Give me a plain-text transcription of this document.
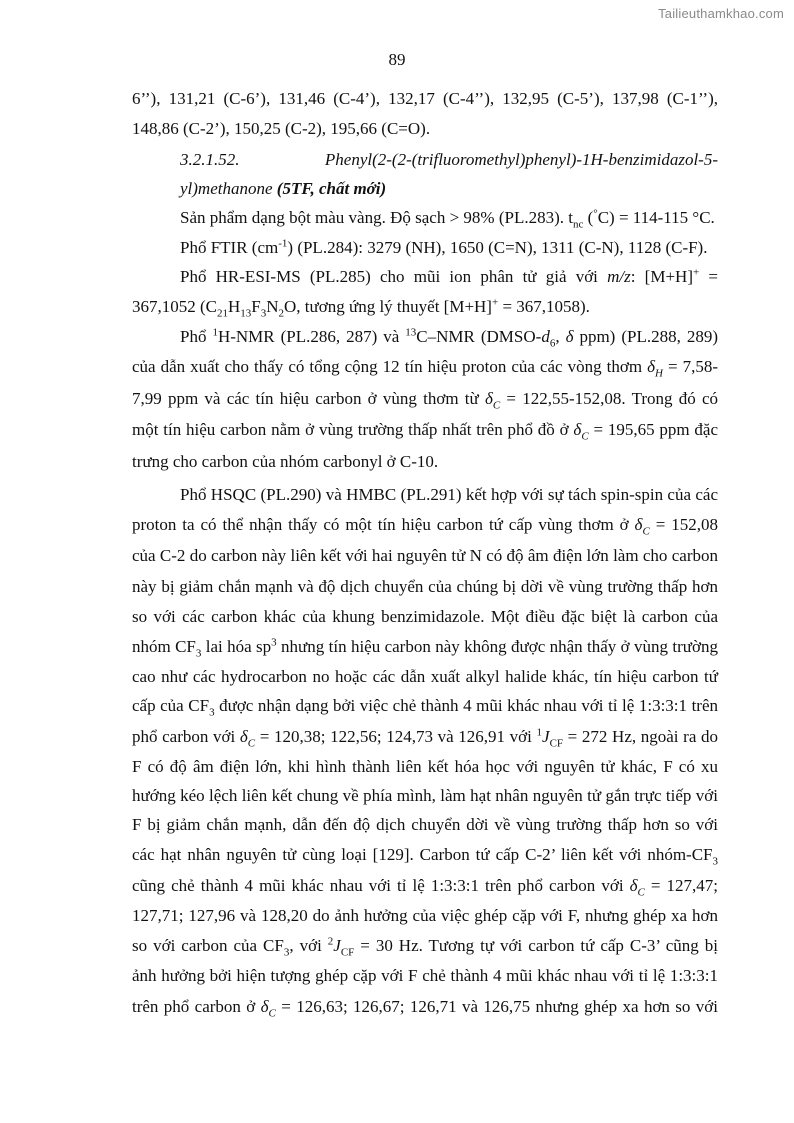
Tailieuthamkhao.com
89
6’’), 131,21 (C-6’), 131,46 (C-4’), 132,17 (C-4’’), 132,95 (C-5’), 137,98 (C-1’’),
148,86 (C-2’), 150,25 (C-2), 195,66 (C=O).
3.2.1.52.	Phenyl(2-(2-(trifluoromethyl)phenyl)-1H-benzimidazol-5-
yl)methanone (5TF, chất mới)
Sản phẩm dạng bột màu vàng. Độ sạch > 98% (PL.283). $t_{nc}$ (°C) = 114-115 °C.
Phổ FTIR $(cm^{-1})$ (PL.284): 3279 (NH), 1650 (C=N), 1311 (C-N), 1128 (C-F).
Phổ HR-ESI-MS (PL.285) cho mũi ion phân tử giả với m/z: [M+H]+ =
367,1052 ($C_{21}H_{13}F_3N_2O$, tương ứng lý thuyết [M+H]+ = 367,1058).
Phổ $^1$H-NMR (PL.286, 287) và $^{13}$C–NMR ($DMSO-d_6$, δ ppm) (PL.288, 289)
của dẫn xuất cho thấy có tổng cộng 12 tín hiệu proton của các vòng thơm $\delta_H = 7,58-$
7,99 ppm và các tín hiệu carbon ở vùng thơm từ $\delta_C = 122,55-152,08$. Trong đó có
một tín hiệu carbon nằm ở vùng trường thấp nhất trên phổ đồ ở $\delta_C = 195,65$ ppm đặc
trưng cho carbon của nhóm carbonyl ở C-10.
Phổ HSQC (PL.290) và HMBC (PL.291) kết hợp với sự tách spin-spin của các
proton ta có thể nhận thấy có một tín hiệu carbon tứ cấp vùng thơm ở $\delta_C = 152,08$
của C-2 do carbon này liên kết với hai nguyên tử N có độ âm điện lớn làm cho carbon
này bị giảm chắn mạnh và độ dịch chuyển của chúng bị dời về vùng trường thấp hơn
so với các carbon khác của khung benzimidazole. Một điều đặc biệt là carbon của
nhóm $CF_3$ lai hóa $sp^3$ nhưng tín hiệu carbon này không được nhận thấy ở vùng trường
cao như các hydrocarbon no hoặc các dẫn xuất alkyl halide khác, tín hiệu carbon tứ
cấp của $CF_3$ được nhận dạng bởi việc chẻ thành 4 mũi khác nhau với tỉ lệ 1:3:3:1 trên
phổ carbon với $\delta_C = 120,38$; 122,56; 124,73 và 126,91 với $^1J_{CF} = 272$ Hz, ngoài ra do
F có độ âm điện lớn, khi hình thành liên kết hóa học với nguyên tử khác, F có xu
hướng kéo lệch liên kết chung về phía mình, làm hạt nhân nguyên tử gắn trực tiếp với
F bị giảm chắn mạnh, dẫn đến độ dịch chuyển dời về vùng trường thấp hơn so với
các hạt nhân nguyên tử cùng loại [129]. Carbon tứ cấp C-2’ liên kết với nhóm-$CF_3$
cũng chẻ thành 4 mũi khác nhau với tỉ lệ 1:3:3:1 trên phổ carbon với $\delta_C = 127,47$;
127,71; 127,96 và 128,20 do ảnh hưởng của việc ghép cặp với F, nhưng ghép xa hơn
so với carbon của $CF_3$, với $^2J_{CF} = 30$ Hz. Tương tự với carbon tứ cấp C-3’ cũng bị
ảnh hưởng bởi hiện tượng ghép cặp với F chẻ thành 4 mũi khác nhau với tỉ lệ 1:3:3:1
trên phổ carbon ở $\delta_C = 126,63$; 126,67; 126,71 và 126,75 nhưng ghép xa hơn so với
